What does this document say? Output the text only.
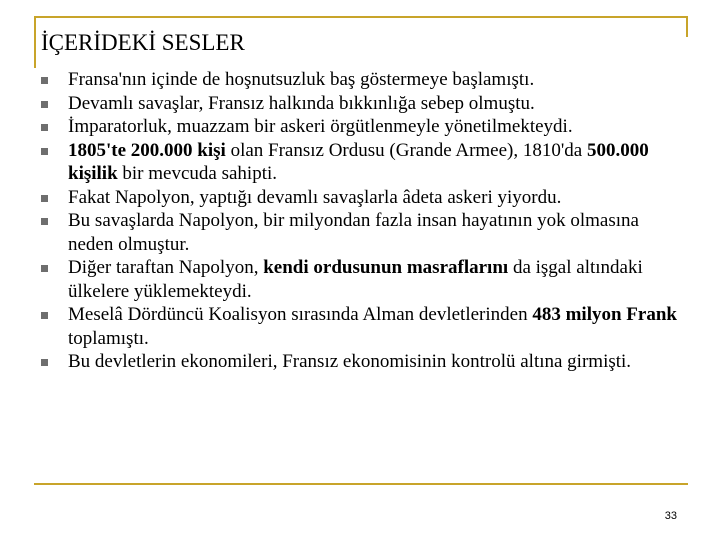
İÇERİDEKİ SESLER
Fransa'nın içinde de hoşnutsuzluk baş göstermeye başlamıştı.
Devamlı savaşlar, Fransız halkında bıkkınlığa sebep olmuştu.
İmparatorluk, muazzam bir askeri örgütlenmeyle yönetilmekteydi.
1805'te 200.000 kişi olan Fransız Ordusu (Grande Armee), 1810'da 500.000 kişilik bir mevcuda sahipti.
Fakat Napolyon, yaptığı devamlı savaşlarla âdeta askeri yiyordu.
Bu savaşlarda Napolyon, bir milyondan fazla insan hayatının yok olmasına neden olmuştur.
Diğer taraftan Napolyon, kendi ordusunun masraflarını da işgal altındaki ülkelere yüklemekteydi.
Meselâ Dördüncü Koalisyon sırasında Alman devletlerinden 483 milyon Frank toplamıştı.
Bu devletlerin ekonomileri, Fransız ekonomisinin kontrolü altına girmişti.
33
